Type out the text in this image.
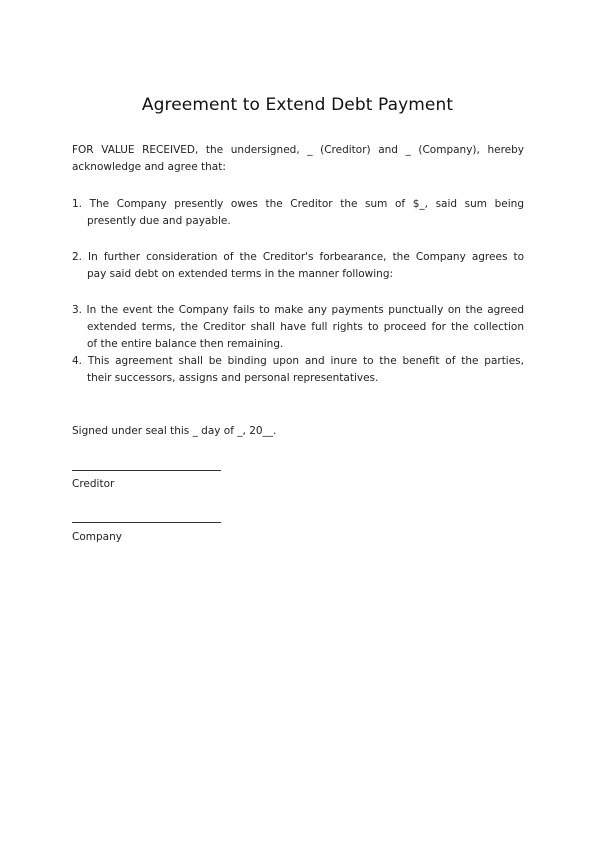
Agreement to Extend Debt Payment
FOR VALUE RECEIVED, the undersigned, _ (Creditor) and _ (Company), hereby
acknowledge and agree that:
1. The Company presently owes the Creditor the sum of $_, said sum being
presently due and payable.
2. In further consideration of the Creditor's forbearance, the Company agrees to
pay said debt on extended terms in the manner following:
3. In the event the Company fails to make any payments punctually on the agreed
extended terms, the Creditor shall have full rights to proceed for the collection
of the entire balance then remaining.
4. This agreement shall be binding upon and inure to the benefit of the parties,
their successors, assigns and personal representatives.
Signed under seal this _ day of _, 20__.
Creditor
Company
